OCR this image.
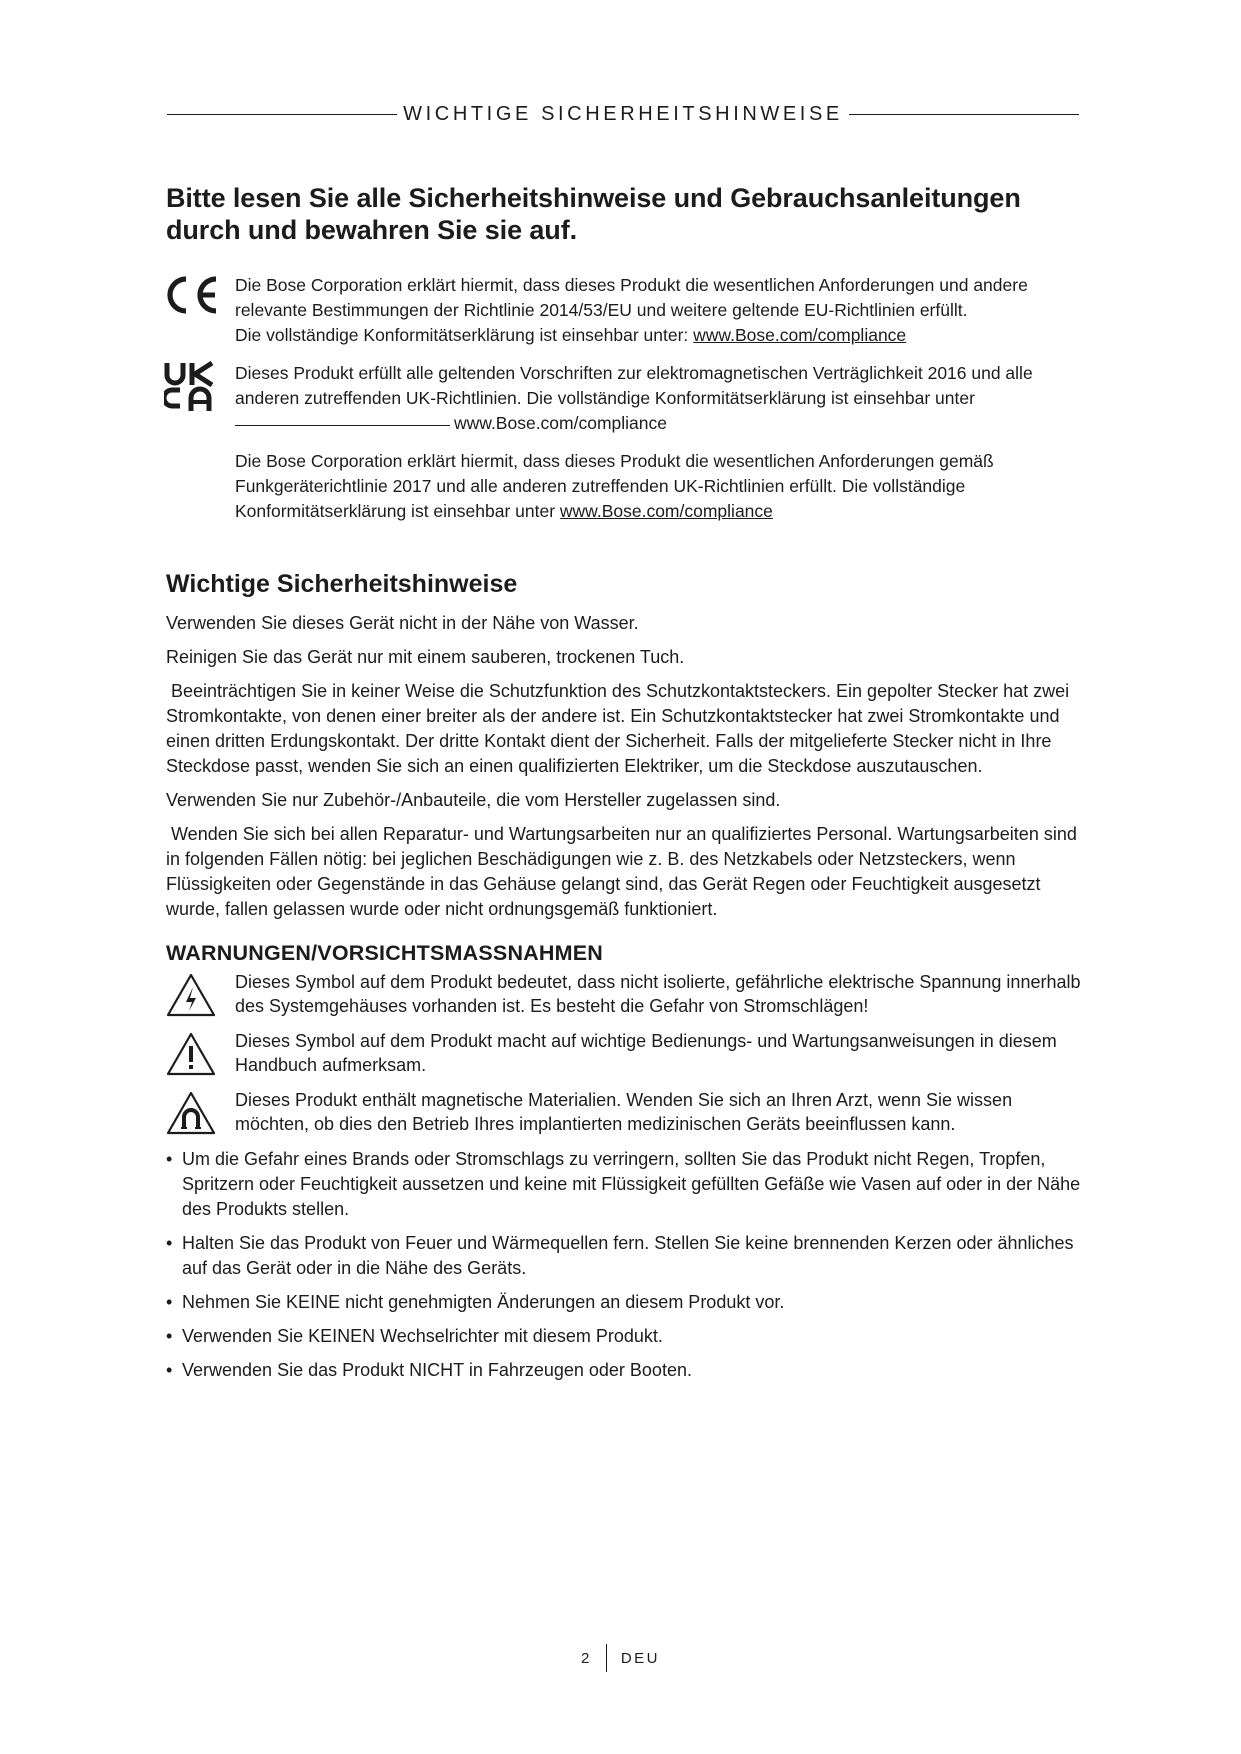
WICHTIGE SICHERHEITSHINWEISE
Bitte lesen Sie alle Sicherheitshinweise und Gebrauchsanleitungen durch und bewahren Sie sie auf.

Die Bose Corporation erklärt hiermit, dass dieses Produkt die wesentlichen Anforderungen und andere relevante Bestimmungen der Richtlinie 2014/53/EU und weitere geltende EU-Richtlinien erfüllt.

Die vollständige Konformitätserklärung ist einsehbar unter: www.Bose.com/compliance

Dieses Produkt erfüllt alle geltenden Vorschriften zur elektromagnetischen Verträglichkeit 2016 und alle anderen zutreffenden UK-Richtlinien. Die vollständige Konformitätserklärung ist einsehbar unter

www.Bose.com/compliance

Die Bose Corporation erklärt hiermit, dass dieses Produkt die wesentlichen Anforderungen gemäß Funkgeräterichtlinie 2017 und alle anderen zutreffenden UK-Richtlinien erfüllt. Die vollständige Konformitätserklärung ist einsehbar unter www.Bose.com/compliance

Wichtige Sicherheitshinweise

Verwenden Sie dieses Gerät nicht in der Nähe von Wasser.

Reinigen Sie das Gerät nur mit einem sauberen, trockenen Tuch.

Beeinträchtigen Sie in keiner Weise die Schutzfunktion des Schutzkontaktsteckers. Ein gepolter Stecker hat zwei Stromkontakte, von denen einer breiter als der andere ist. Ein Schutzkontaktstecker hat zwei Stromkontakte und einen dritten Erdungskontakt. Der dritte Kontakt dient der Sicherheit. Falls der mitgelieferte Stecker nicht in Ihre Steckdose passt, wenden Sie sich an einen qualifizierten Elektriker, um die Steckdose auszutauschen.

Verwenden Sie nur Zubehör-/Anbauteile, die vom Hersteller zugelassen sind.

Wenden Sie sich bei allen Reparatur- und Wartungsarbeiten nur an qualifiziertes Personal. Wartungsarbeiten sind in folgenden Fällen nötig: bei jeglichen Beschädigungen wie z. B. des Netzkabels oder Netzsteckers, wenn Flüssigkeiten oder Gegenstände in das Gehäuse gelangt sind, das Gerät Regen oder Feuchtigkeit ausgesetzt wurde, fallen gelassen wurde oder nicht ordnungsgemäß funktioniert.

WARNUNGEN/VORSICHTSMASSNAHMEN

Dieses Symbol auf dem Produkt bedeutet, dass nicht isolierte, gefährliche elektrische Spannung innerhalb des Systemgehäuses vorhanden ist. Es besteht die Gefahr von Stromschlägen!

Dieses Symbol auf dem Produkt macht auf wichtige Bedienungs- und Wartungsanweisungen in diesem Handbuch aufmerksam.

Dieses Produkt enthält magnetische Materialien. Wenden Sie sich an Ihren Arzt, wenn Sie wissen möchten, ob dies den Betrieb Ihres implantierten medizinischen Geräts beeinflussen kann.

• Um die Gefahr eines Brands oder Stromschlags zu verringern, sollten Sie das Produkt nicht Regen, Tropfen, Spritzern oder Feuchtigkeit aussetzen und keine mit Flüssigkeit gefüllten Gefäße wie Vasen auf oder in der Nähe des Produkts stellen.
• Halten Sie das Produkt von Feuer und Wärmequellen fern. Stellen Sie keine brennenden Kerzen oder ähnliches auf das Gerät oder in die Nähe des Geräts.
• Nehmen Sie KEINE nicht genehmigten Änderungen an diesem Produkt vor.
• Verwenden Sie KEINEN Wechselrichter mit diesem Produkt.
• Verwenden Sie das Produkt NICHT in Fahrzeugen oder Booten.
2 DEU
